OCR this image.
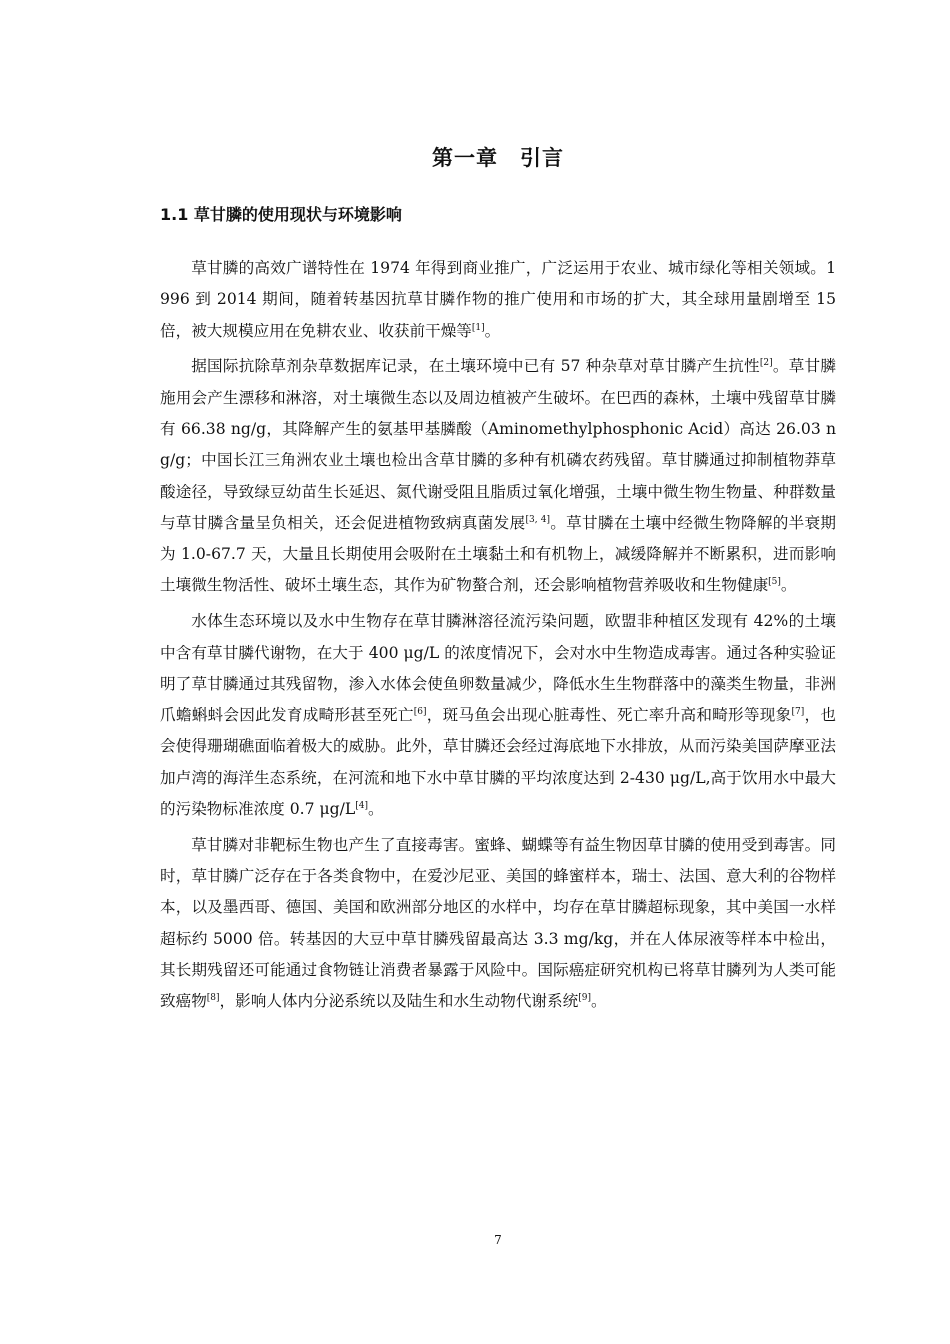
第一章　引言
1.1 草甘膦的使用现状与环境影响

草甘膦的高效广谱特性在 1974 年得到商业推广，广泛运用于农业、城市绿化等相关领域。1996 到 2014 期间，随着转基因抗草甘膦作物的推广使用和市场的扩大，其全球用量剧增至 15 倍，被大规模应用在免耕农业、收获前干燥等[1]。

据国际抗除草剂杂草数据库记录，在土壤环境中已有 57 种杂草对草甘膦产生抗性[2]。草甘膦施用会产生漂移和淋溶，对土壤微生态以及周边植被产生破坏。在巴西的森林，土壤中残留草甘膦有 66.38 ng/g，其降解产生的氨基甲基膦酸（Aminomethylphosphonic Acid）高达 26.03 ng/g；中国长江三角洲农业土壤也检出含草甘膦的多种有机磷农药残留。草甘膦通过抑制植物莽草酸途径，导致绿豆幼苗生长延迟、氮代谢受阻且脂质过氧化增强，土壤中微生物生物量、种群数量与草甘膦含量呈负相关，还会促进植物致病真菌发展[3, 4]。草甘膦在土壤中经微生物降解的半衰期为 1.0-67.7 天，大量且长期使用会吸附在土壤黏土和有机物上，减缓降解并不断累积，进而影响土壤微生物活性、破坏土壤生态，其作为矿物螯合剂，还会影响植物营养吸收和生物健康[5]。

水体生态环境以及水中生物存在草甘膦淋溶径流污染问题，欧盟非种植区发现有 42%的土壤中含有草甘膦代谢物，在大于 400 μg/L 的浓度情况下，会对水中生物造成毒害。通过各种实验证明了草甘膦通过其残留物，渗入水体会使鱼卵数量减少，降低水生生物群落中的藻类生物量，非洲爪蟾蝌蚪会因此发育成畸形甚至死亡[6]，斑马鱼会出现心脏毒性、死亡率升高和畸形等现象[7]，也会使得珊瑚礁面临着极大的威胁。此外，草甘膦还会经过海底地下水排放，从而污染美国萨摩亚法加卢湾的海洋生态系统，在河流和地下水中草甘膦的平均浓度达到 2-430 μg/L,高于饮用水中最大的污染物标准浓度 0.7 μg/L[4]。

草甘膦对非靶标生物也产生了直接毒害。蜜蜂、蝴蝶等有益生物因草甘膦的使用受到毒害。同时，草甘膦广泛存在于各类食物中，在爱沙尼亚、美国的蜂蜜样本，瑞士、法国、意大利的谷物样本，以及墨西哥、德国、美国和欧洲部分地区的水样中，均存在草甘膦超标现象，其中美国一水样超标约 5000 倍。转基因的大豆中草甘膦残留最高达 3.3 mg/kg，并在人体尿液等样本中检出，其长期残留还可能通过食物链让消费者暴露于风险中。国际癌症研究机构已将草甘膦列为人类可能致癌物[8]，影响人体内分泌系统以及陆生和水生动物代谢系统[9]。

7
